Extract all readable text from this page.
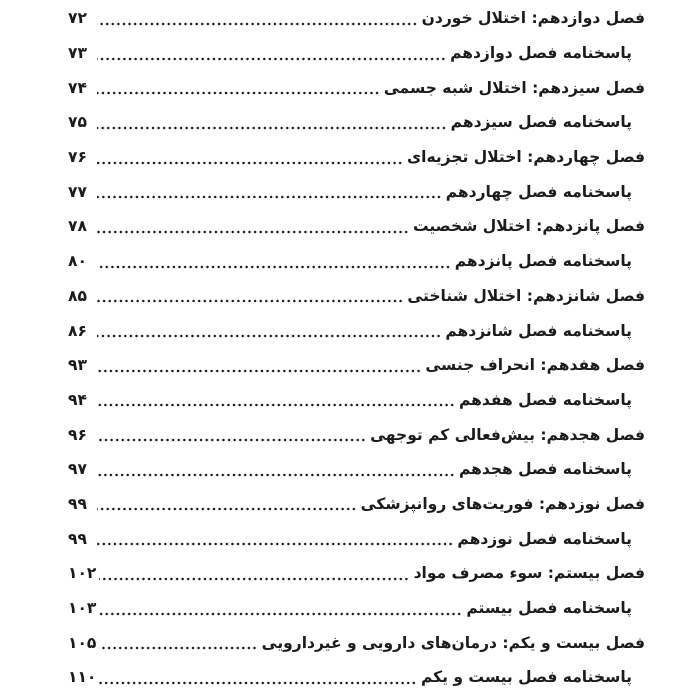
فصل دوازدهم: اختلال خوردن
۷۲
پاسخنامه فصل دوازدهم
۷۳
فصل سیزدهم: اختلال شبه جسمی
۷۴
پاسخنامه فصل سیزدهم
۷۵
فصل چهاردهم: اختلال تجزیه‌ای
۷۶
پاسخنامه فصل چهاردهم
۷۷
فصل پانزدهم: اختلال شخصیت
۷۸
پاسخنامه فصل پانزدهم
۸۰
فصل شانزدهم: اختلال شناختی
۸۵
پاسخنامه فصل شانزدهم
۸۶
فصل هفدهم: انحراف جنسی
۹۳
پاسخنامه فصل هفدهم
۹۴
فصل هجدهم: بیش‌فعالی کم توجهی
۹۶
پاسخنامه فصل هجدهم
۹۷
فصل نوزدهم: فوریت‌های روانپزشکی
۹۹
پاسخنامه فصل نوزدهم
۹۹
فصل بیستم: سوء مصرف مواد
۱۰۲
پاسخنامه فصل بیستم
۱۰۳
فصل بیست و یکم: درمان‌های دارویی و غیردارویی
۱۰۵
پاسخنامه فصل بیست و یکم
۱۱۰
